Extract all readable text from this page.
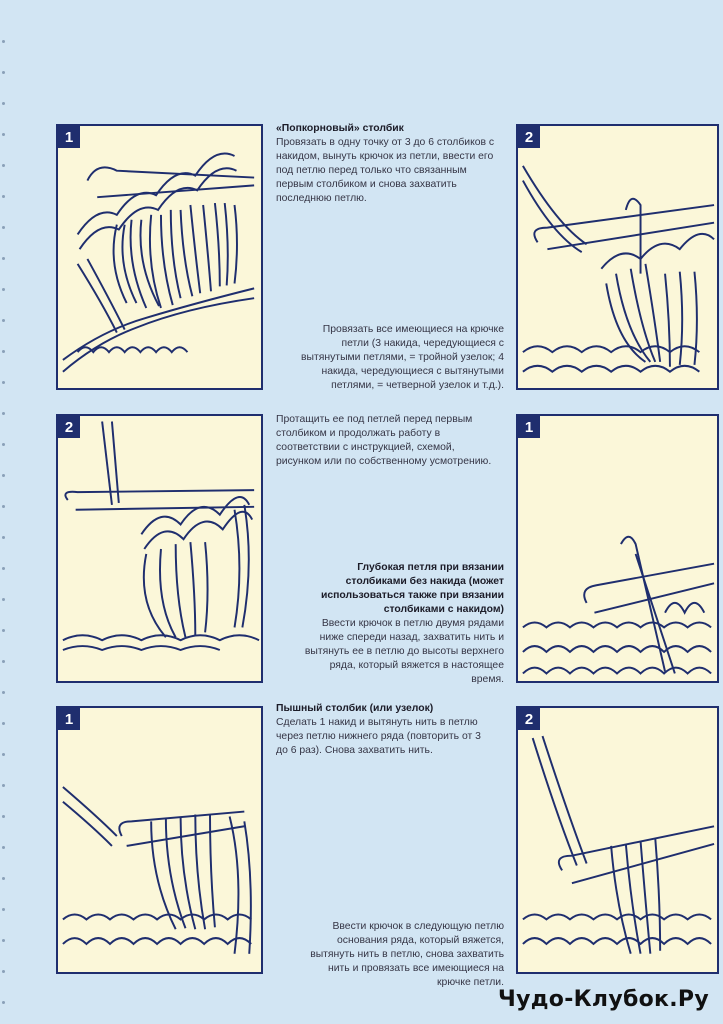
1	2
2	1
1	2
«Попкорновый» столбик
Провязать в одну точку от 3 до 6 столбиков с накидом, вынуть крючок из петли, ввести его под петлю перед только что связанным первым столбиком и снова захватить последнюю петлю.
Провязать все имеющиеся на крючке петли (3 накида, чередующиеся с вытянутыми петлями, = тройной узелок; 4 накида, чередующиеся с вытянутыми петлями, = четверной узелок и т.д.).
Протащить ее под петлей перед первым столбиком и продолжать работу в соответствии с инструкцией, схемой, рисунком или по собственному усмотрению.
Глубокая петля при вязании столбиками без накида (может использоваться также при вязании столбиками с накидом)
Ввести крючок в петлю двумя рядами ниже спереди назад, захватить нить и вытянуть ее в петлю до высоты верхнего ряда, который вяжется в настоящее время.
Пышный столбик (или узелок)
Сделать 1 накид и вытянуть нить в петлю через петлю нижнего ряда (повторить от 3 до 6 раз). Снова захватить нить.
Ввести крючок в следующую петлю основания ряда, который вяжется, вытянуть нить в петлю, снова захватить нить и провязать все имеющиеся на крючке петли.
Чудо-Клубок.Ру
